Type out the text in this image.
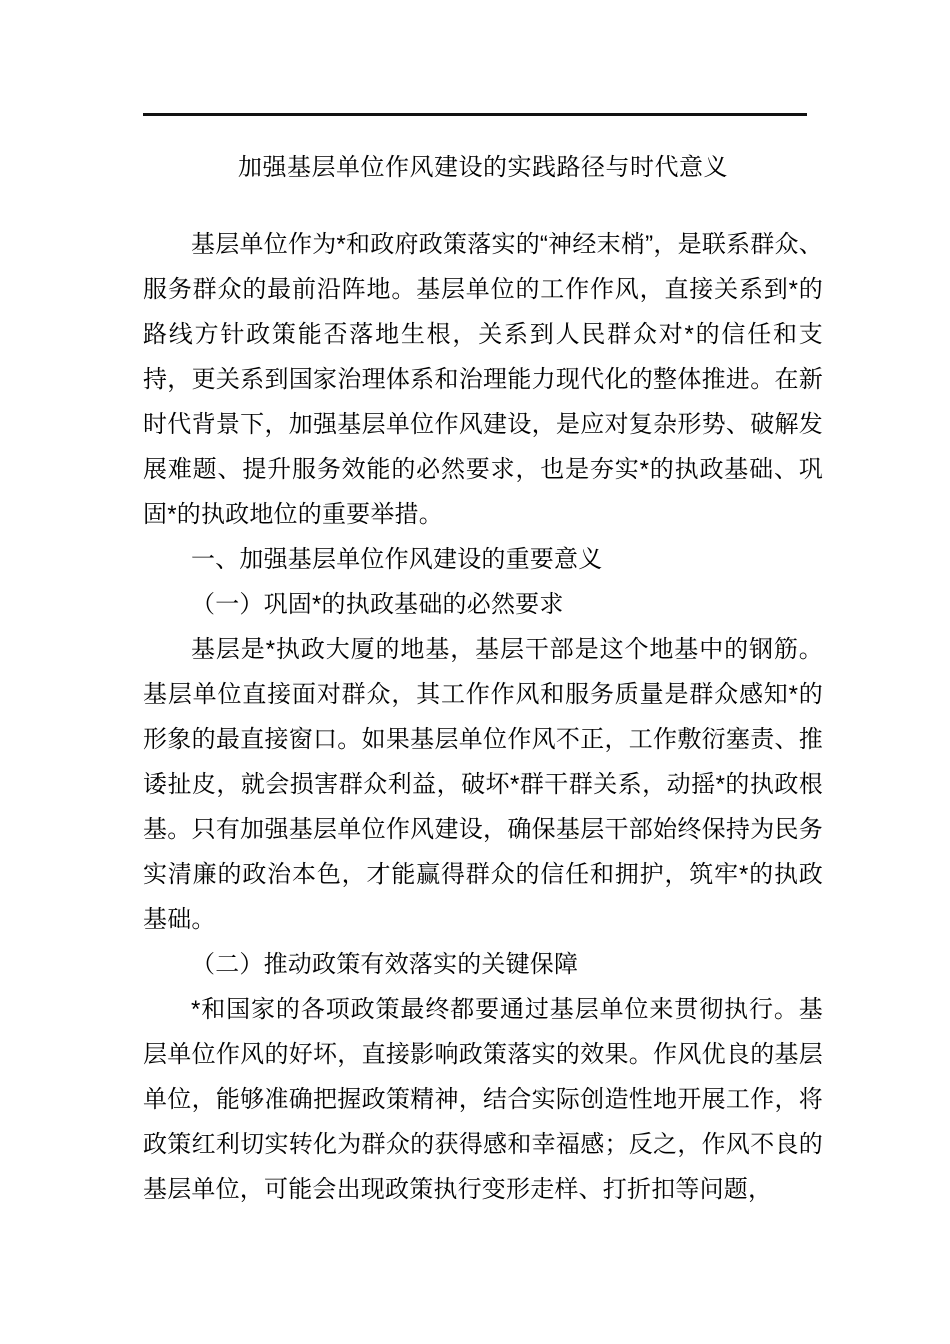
加强基层单位作风建设的实践路径与时代意义

基层单位作为*和政府政策落实的“神经末梢”，是联系群众、服务群众的最前沿阵地。基层单位的工作作风，直接关系到*的路线方针政策能否落地生根，关系到人民群众对*的信任和支持，更关系到国家治理体系和治理能力现代化的整体推进。在新时代背景下，加强基层单位作风建设，是应对复杂形势、破解发展难题、提升服务效能的必然要求，也是夯实*的执政基础、巩固*的执政地位的重要举措。

一、加强基层单位作风建设的重要意义

（一）巩固*的执政基础的必然要求

基层是*执政大厦的地基，基层干部是这个地基中的钢筋。基层单位直接面对群众，其工作作风和服务质量是群众感知*的形象的最直接窗口。如果基层单位作风不正，工作敷衍塞责、推诿扯皮，就会损害群众利益，破坏*群干群关系，动摇*的执政根基。只有加强基层单位作风建设，确保基层干部始终保持为民务实清廉的政治本色，才能赢得群众的信任和拥护，筑牢*的执政基础。

（二）推动政策有效落实的关键保障

*和国家的各项政策最终都要通过基层单位来贯彻执行。基层单位作风的好坏，直接影响政策落实的效果。作风优良的基层单位，能够准确把握政策精神，结合实际创造性地开展工作，将政策红利切实转化为群众的获得感和幸福感；反之，作风不良的基层单位，可能会出现政策执行变形走样、打折扣等问题，
